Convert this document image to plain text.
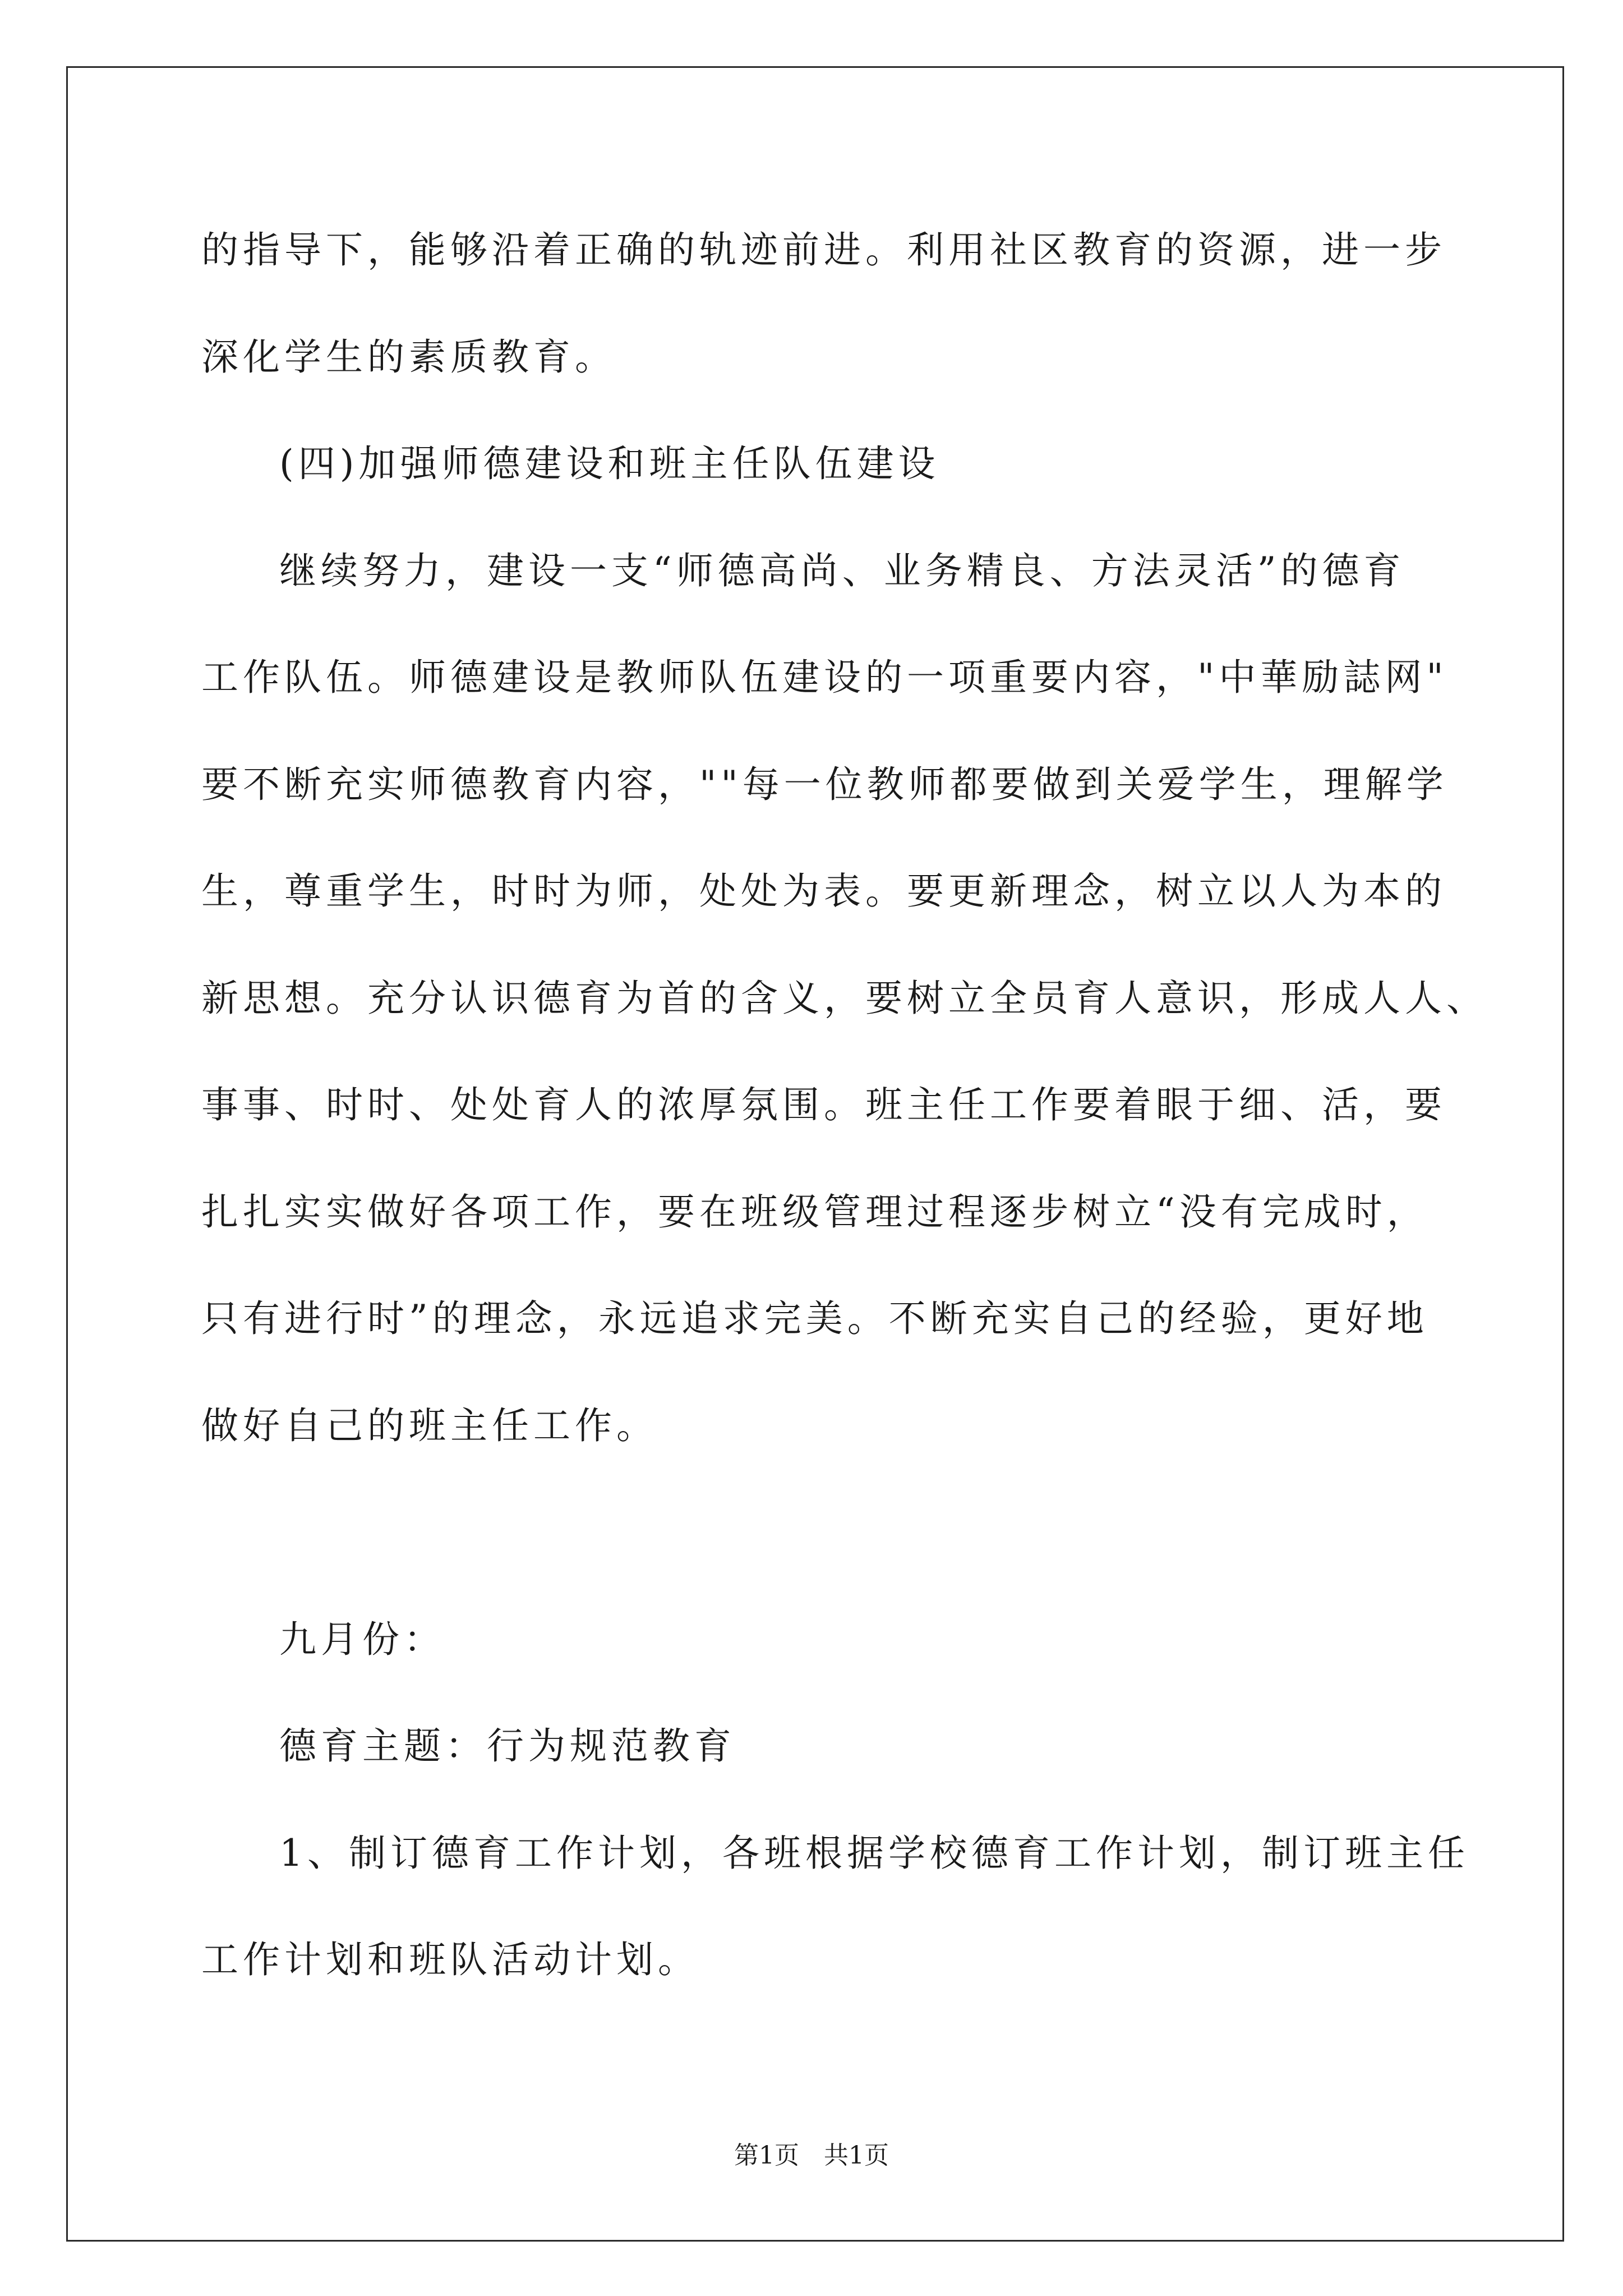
的指导下，能够沿着正确的轨迹前进。利用社区教育的资源，进一步
深化学生的素质教育。
(四)加强师德建设和班主任队伍建设
继续努力，建设一支“师德高尚、业务精良、方法灵活”的德育
工作队伍。师德建设是教师队伍建设的一项重要内容，"中華励誌网"
要不断充实师德教育内容，""每一位教师都要做到关爱学生，理解学
生，尊重学生，时时为师，处处为表。要更新理念，树立以人为本的
新思想。充分认识德育为首的含义，要树立全员育人意识，形成人人、
事事、时时、处处育人的浓厚氛围。班主任工作要着眼于细、活，要
扎扎实实做好各项工作，要在班级管理过程逐步树立“没有完成时，
只有进行时”的理念，永远追求完美。不断充实自己的经验，更好地
做好自己的班主任工作。
九月份：
德育主题：行为规范教育
1、制订德育工作计划，各班根据学校德育工作计划，制订班主任
工作计划和班队活动计划。
第1页　共1页
